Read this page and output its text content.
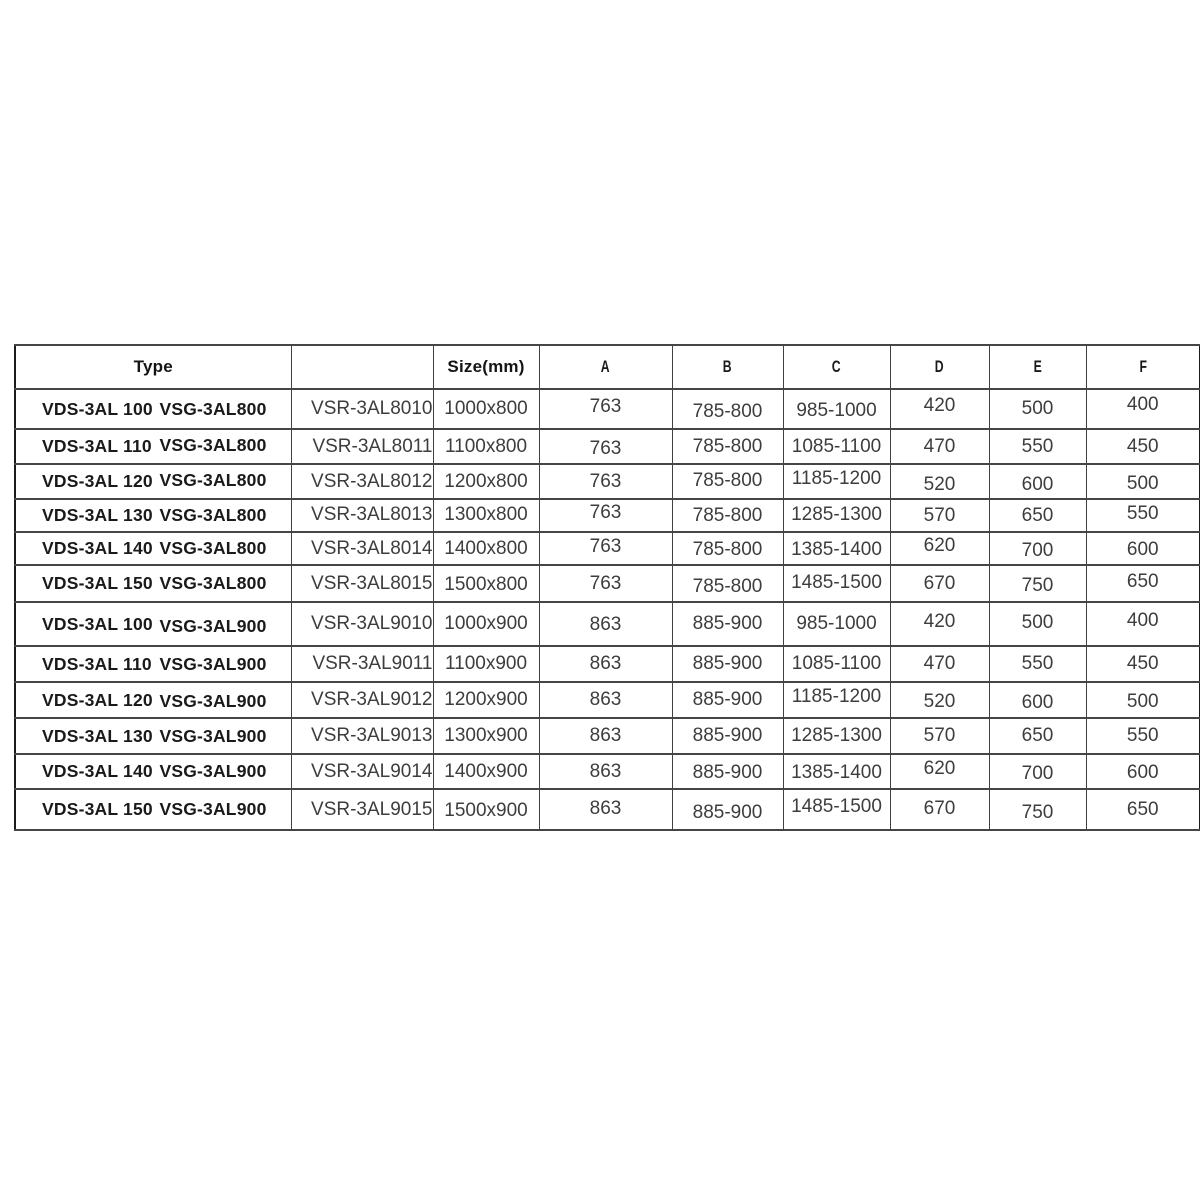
Type		Size(mm)	A	B	C	D	E	F

VDS-3AL 100 VSG-3AL800	VSR-3AL8010	1000x800	763	785-800	985-1000	420	500	400

VDS-3AL 110 VSG-3AL800	VSR-3AL8011	1100x800	763	785-800	1085-1100	470	550	450

VDS-3AL 120 VSG-3AL800	VSR-3AL8012	1200x800	763	785-800	1185-1200	520	600	500

VDS-3AL 130 VSG-3AL800	VSR-3AL8013	1300x800	763	785-800	1285-1300	570	650	550

VDS-3AL 140 VSG-3AL800	VSR-3AL8014	1400x800	763	785-800	1385-1400	620	700	600

VDS-3AL 150 VSG-3AL800	VSR-3AL8015	1500x800	763	785-800	1485-1500	670	750	650

VDS-3AL 100 VSG-3AL900	VSR-3AL9010	1000x900	863	885-900	985-1000	420	500	400

VDS-3AL 110 VSG-3AL900	VSR-3AL9011	1100x900	863	885-900	1085-1100	470	550	450

VDS-3AL 120 VSG-3AL900	VSR-3AL9012	1200x900	863	885-900	1185-1200	520	600	500

VDS-3AL 130 VSG-3AL900	VSR-3AL9013	1300x900	863	885-900	1285-1300	570	650	550

VDS-3AL 140 VSG-3AL900	VSR-3AL9014	1400x900	863	885-900	1385-1400	620	700	600

VDS-3AL 150 VSG-3AL900	VSR-3AL9015	1500x900	863	885-900	1485-1500	670	750	650
